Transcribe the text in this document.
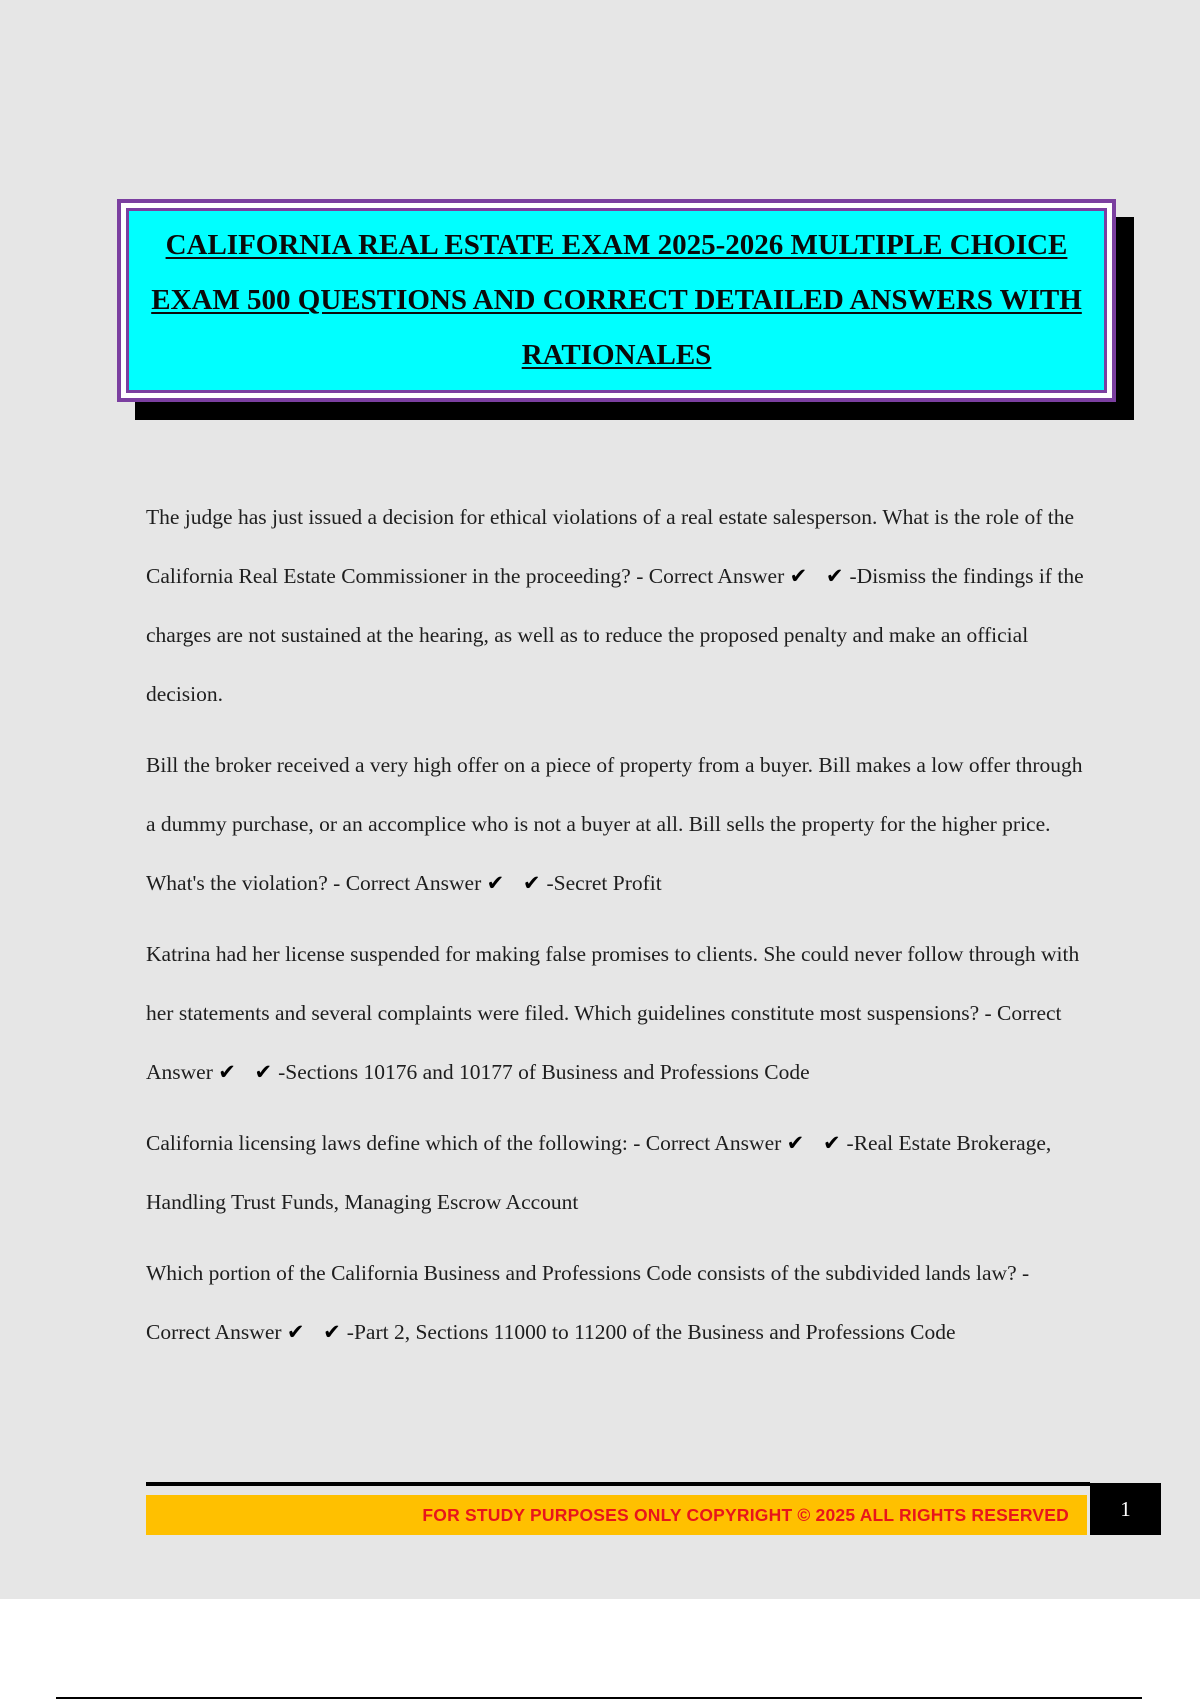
CALIFORNIA REAL ESTATE EXAM 2025-2026 MULTIPLE CHOICE EXAM 500 QUESTIONS AND CORRECT DETAILED ANSWERS WITH RATIONALES

The judge has just issued a decision for ethical violations of a real estate salesperson. What is the role of the California Real Estate Commissioner in the proceeding? - Correct Answer ✔ ✔-Dismiss the findings if the charges are not sustained at the hearing, as well as to reduce the proposed penalty and make an official decision.

Bill the broker received a very high offer on a piece of property from a buyer. Bill makes a low offer through a dummy purchase, or an accomplice who is not a buyer at all. Bill sells the property for the higher price. What's the violation? - Correct Answer ✔ ✔-Secret Profit

Katrina had her license suspended for making false promises to clients. She could never follow through with her statements and several complaints were filed. Which guidelines constitute most suspensions? - Correct Answer ✔ ✔-Sections 10176 and 10177 of Business and Professions Code

California licensing laws define which of the following: - Correct Answer ✔ ✔-Real Estate Brokerage, Handling Trust Funds, Managing Escrow Account

Which portion of the California Business and Professions Code consists of the subdivided lands law? - Correct Answer ✔ ✔-Part 2, Sections 11000 to 11200 of the Business and Professions Code

FOR STUDY PURPOSES ONLY COPYRIGHT © 2025 ALL RIGHTS RESERVED 1
